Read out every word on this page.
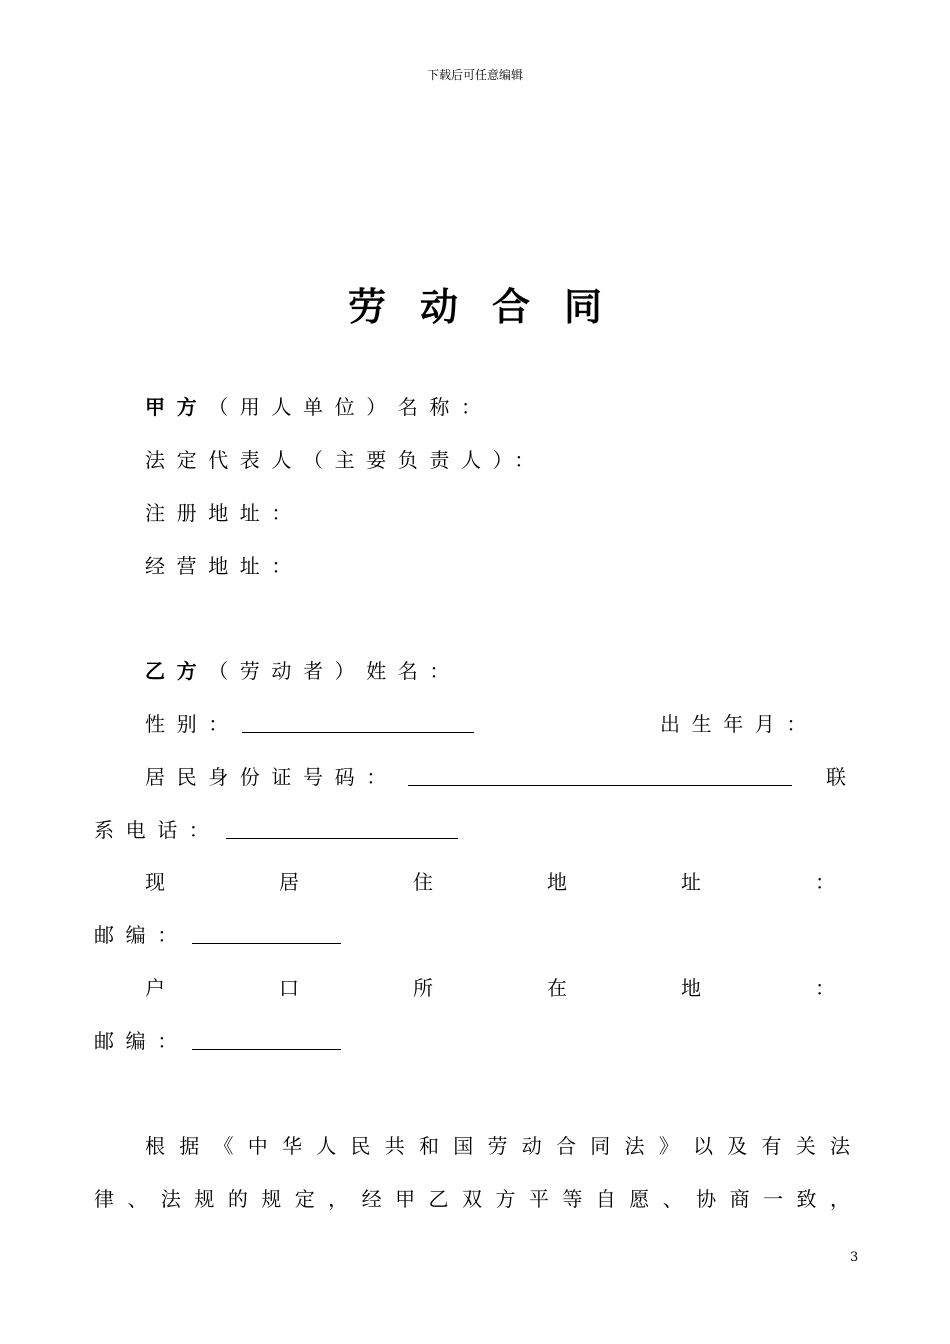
下载后可任意编辑
劳 动 合 同
甲方（用人单位）名称：
法定代表人（主要负责人）：
注册地址：
经营地址：
乙方（劳动者）姓名：
性别：	出生年月：
居民身份证号码：	联
系电话：
现	居	住	地	址	：
邮编：
户	口	所	在	地	：
邮编：
根 据 《 中 华 人 民 共 和 国 劳 动 合 同 法 》 以 及 有 关 法
律 、 法 规 的 规 定 ， 经 甲 乙 双 方 平 等 自 愿 、 协 商 一 致 ，
3
